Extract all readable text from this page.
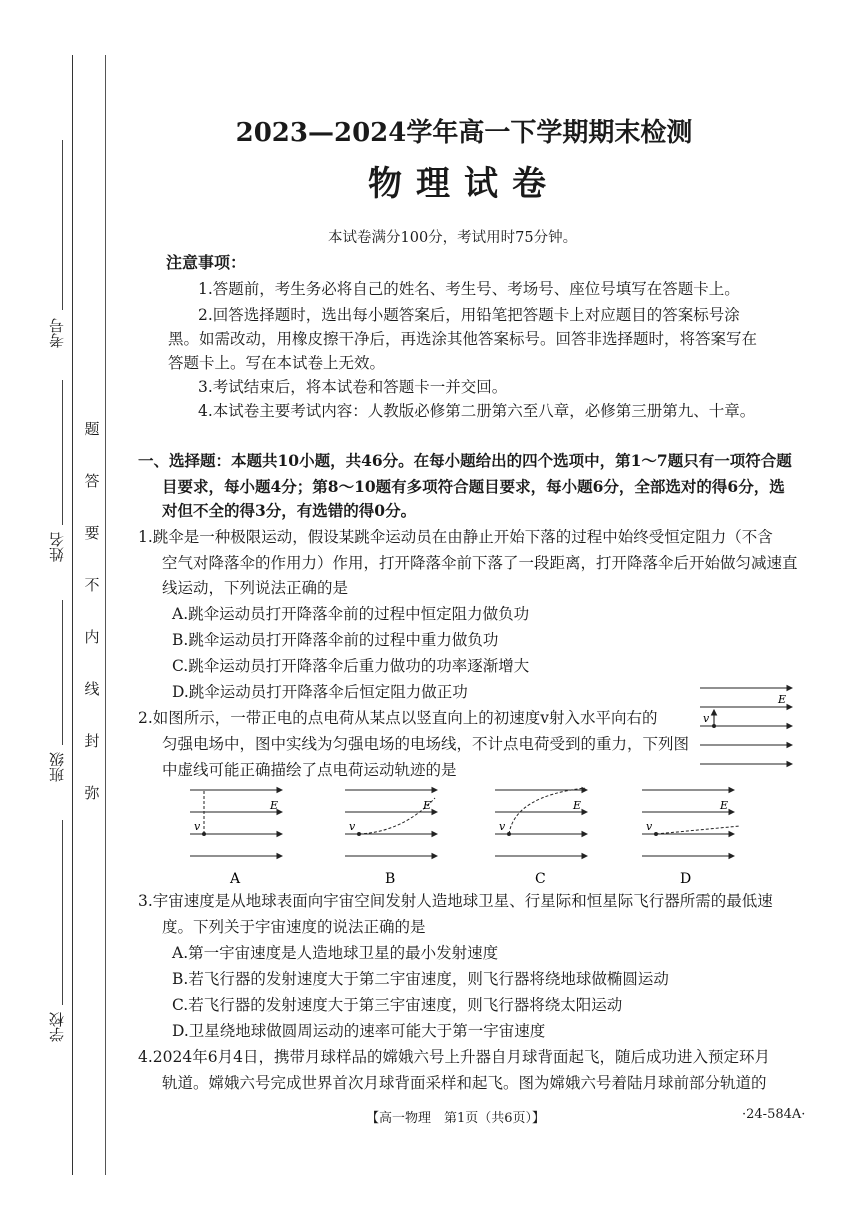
考号
姓名
班级
学校
题
答
要
不
内
线
封
弥
2023—2024学年高一下学期期末检测
物理试卷
本试卷满分100分，考试用时75分钟。
注意事项：
1.答题前，考生务必将自己的姓名、考生号、考场号、座位号填写在答题卡上。
2.回答选择题时，选出每小题答案后，用铅笔把答题卡上对应题目的答案标号涂
黑。如需改动，用橡皮擦干净后，再选涂其他答案标号。回答非选择题时，将答案写在
答题卡上。写在本试卷上无效。
3.考试结束后，将本试卷和答题卡一并交回。
4.本试卷主要考试内容：人教版必修第二册第六至八章，必修第三册第九、十章。
一、选择题：本题共10小题，共46分。在每小题给出的四个选项中，第1～7题只有一项符合题
目要求，每小题4分；第8～10题有多项符合题目要求，每小题6分，全部选对的得6分，选
对但不全的得3分，有选错的得0分。
1.跳伞是一种极限运动，假设某跳伞运动员在由静止开始下落的过程中始终受恒定阻力（不含
空气对降落伞的作用力）作用，打开降落伞前下落了一段距离，打开降落伞后开始做匀减速直
线运动，下列说法正确的是
A.跳伞运动员打开降落伞前的过程中恒定阻力做负功
B.跳伞运动员打开降落伞前的过程中重力做负功
C.跳伞运动员打开降落伞后重力做功的功率逐渐增大
D.跳伞运动员打开降落伞后恒定阻力做正功
2.如图所示，一带正电的点电荷从某点以竖直向上的初速度v射入水平向右的
匀强电场中，图中实线为匀强电场的电场线，不计点电荷受到的重力，下列图
中虚线可能正确描绘了点电荷运动轨迹的是
v
E
v
E
A
v
E
B
v
E
C
v
E
D
3.宇宙速度是从地球表面向宇宙空间发射人造地球卫星、行星际和恒星际飞行器所需的最低速
度。下列关于宇宙速度的说法正确的是
A.第一宇宙速度是人造地球卫星的最小发射速度
B.若飞行器的发射速度大于第二宇宙速度，则飞行器将绕地球做椭圆运动
C.若飞行器的发射速度大于第三宇宙速度，则飞行器将绕太阳运动
D.卫星绕地球做圆周运动的速率可能大于第一宇宙速度
4.2024年6月4日，携带月球样品的嫦娥六号上升器自月球背面起飞，随后成功进入预定环月
轨道。嫦娥六号完成世界首次月球背面采样和起飞。图为嫦娥六号着陆月球前部分轨道的
【高一物理　第1页（共6页）】	·24-584A·
